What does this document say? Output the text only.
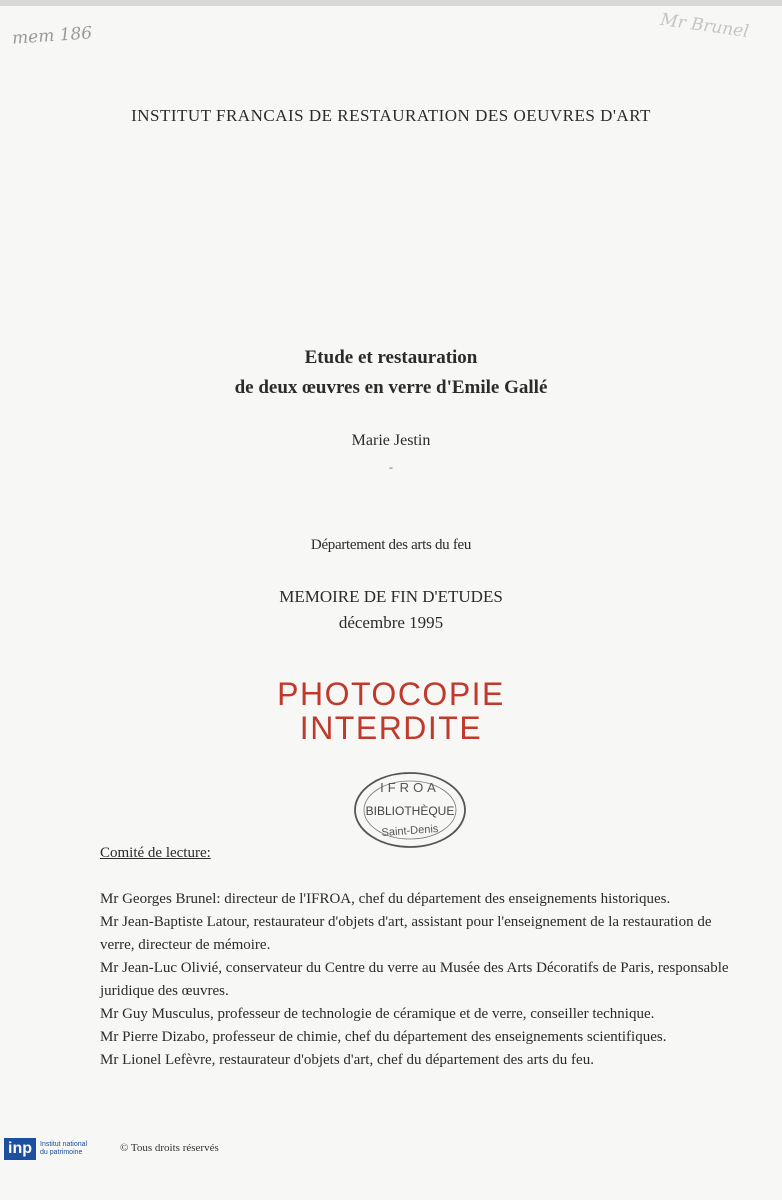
mem 186	Mr Brunel
INSTITUT FRANCAIS DE RESTAURATION DES OEUVRES D'ART
Etude et restauration
de deux œuvres en verre d'Emile Gallé
Marie Jestin
-
Département des arts du feu
MEMOIRE DE FIN D'ETUDES
décembre 1995
PHOTOCOPIE
INTERDITE
IFROA
BIBLIOTHÈQUE
Saint-Denis
Comité de lecture:

Mr Georges Brunel: directeur de l'IFROA, chef du département des enseignements historiques.

Mr Jean-Baptiste Latour, restaurateur d'objets d'art, assistant pour l'enseignement de la restauration de verre, directeur de mémoire.

Mr Jean-Luc Olivié, conservateur du Centre du verre au Musée des Arts Décoratifs de Paris, responsable juridique des œuvres.

Mr Guy Musculus, professeur de technologie de céramique et de verre, conseiller technique.

Mr Pierre Dizabo, professeur de chimie, chef du département des enseignements scientifiques.

Mr Lionel Lefèvre, restaurateur d'objets d'art, chef du département des arts du feu.

inp	Institut national
du patrimoine	© Tous droits réservés
